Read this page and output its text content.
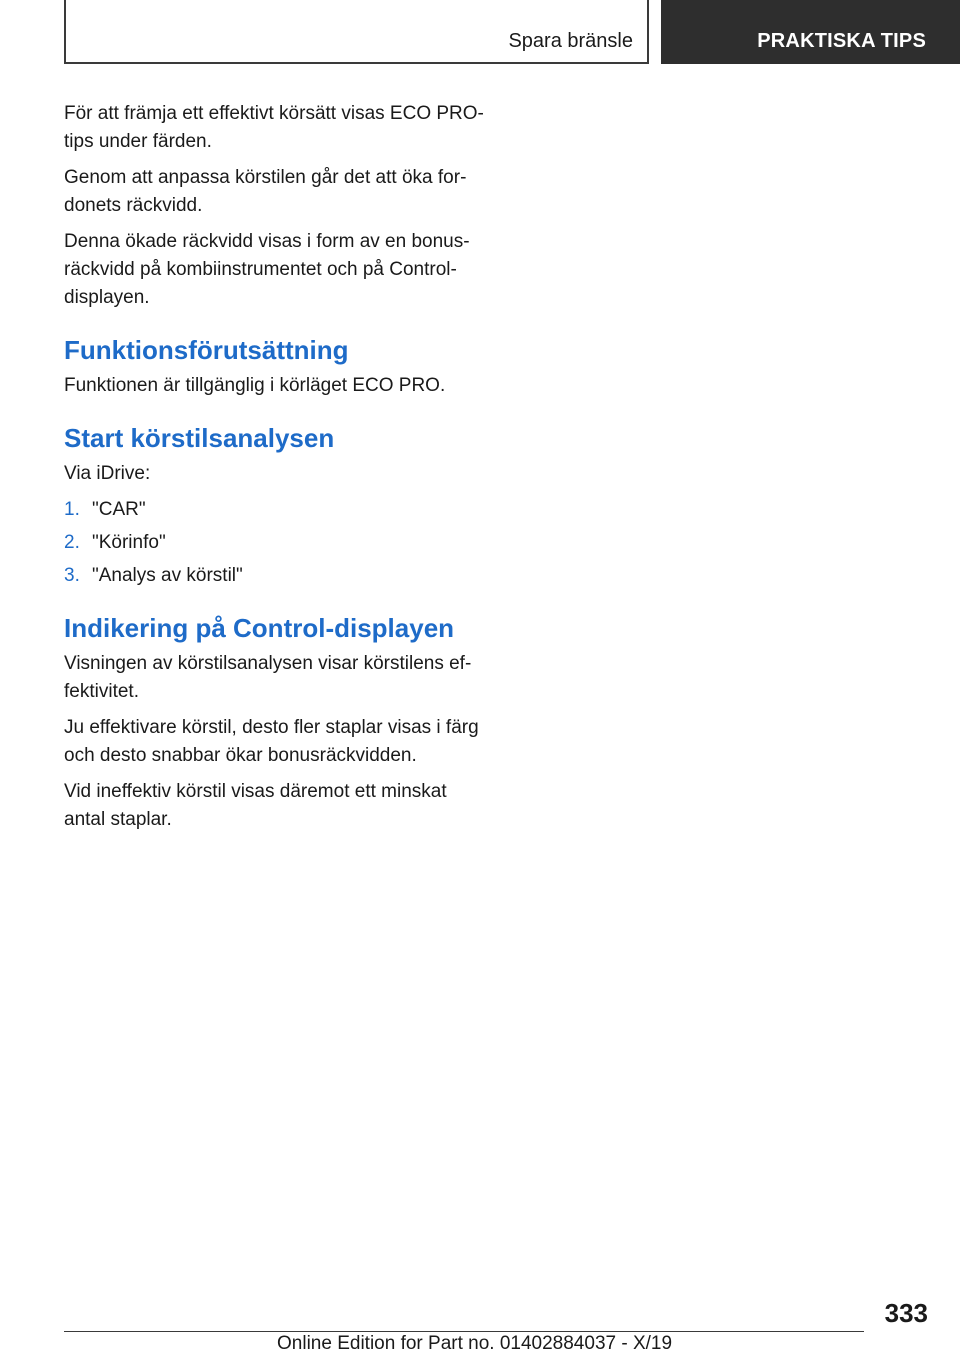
Spara bränsle	PRAKTISKA TIPS

För att främja ett effektivt körsätt visas ECO PRO-tips under färden.

Genom att anpassa körstilen går det att öka fordonets räckvidd.

Denna ökade räckvidd visas i form av en bonusräckvidd på kombiinstrumentet och på Control-displayen.

Funktionsförutsättning

Funktionen är tillgänglig i körläget ECO PRO.

Start körstilsanalysen

Via iDrive:

1. "CAR"
2. "Körinfo"
3. "Analys av körstil"
Indikering på Control-displayen

Visningen av körstilsanalysen visar körstilens effektivitet.

Ju effektivare körstil, desto fler staplar visas i färg och desto snabbar ökar bonusräckvidden.

Vid ineffektiv körstil visas däremot ett minskat antal staplar.

333
Online Edition for Part no. 01402884037 - X/19
